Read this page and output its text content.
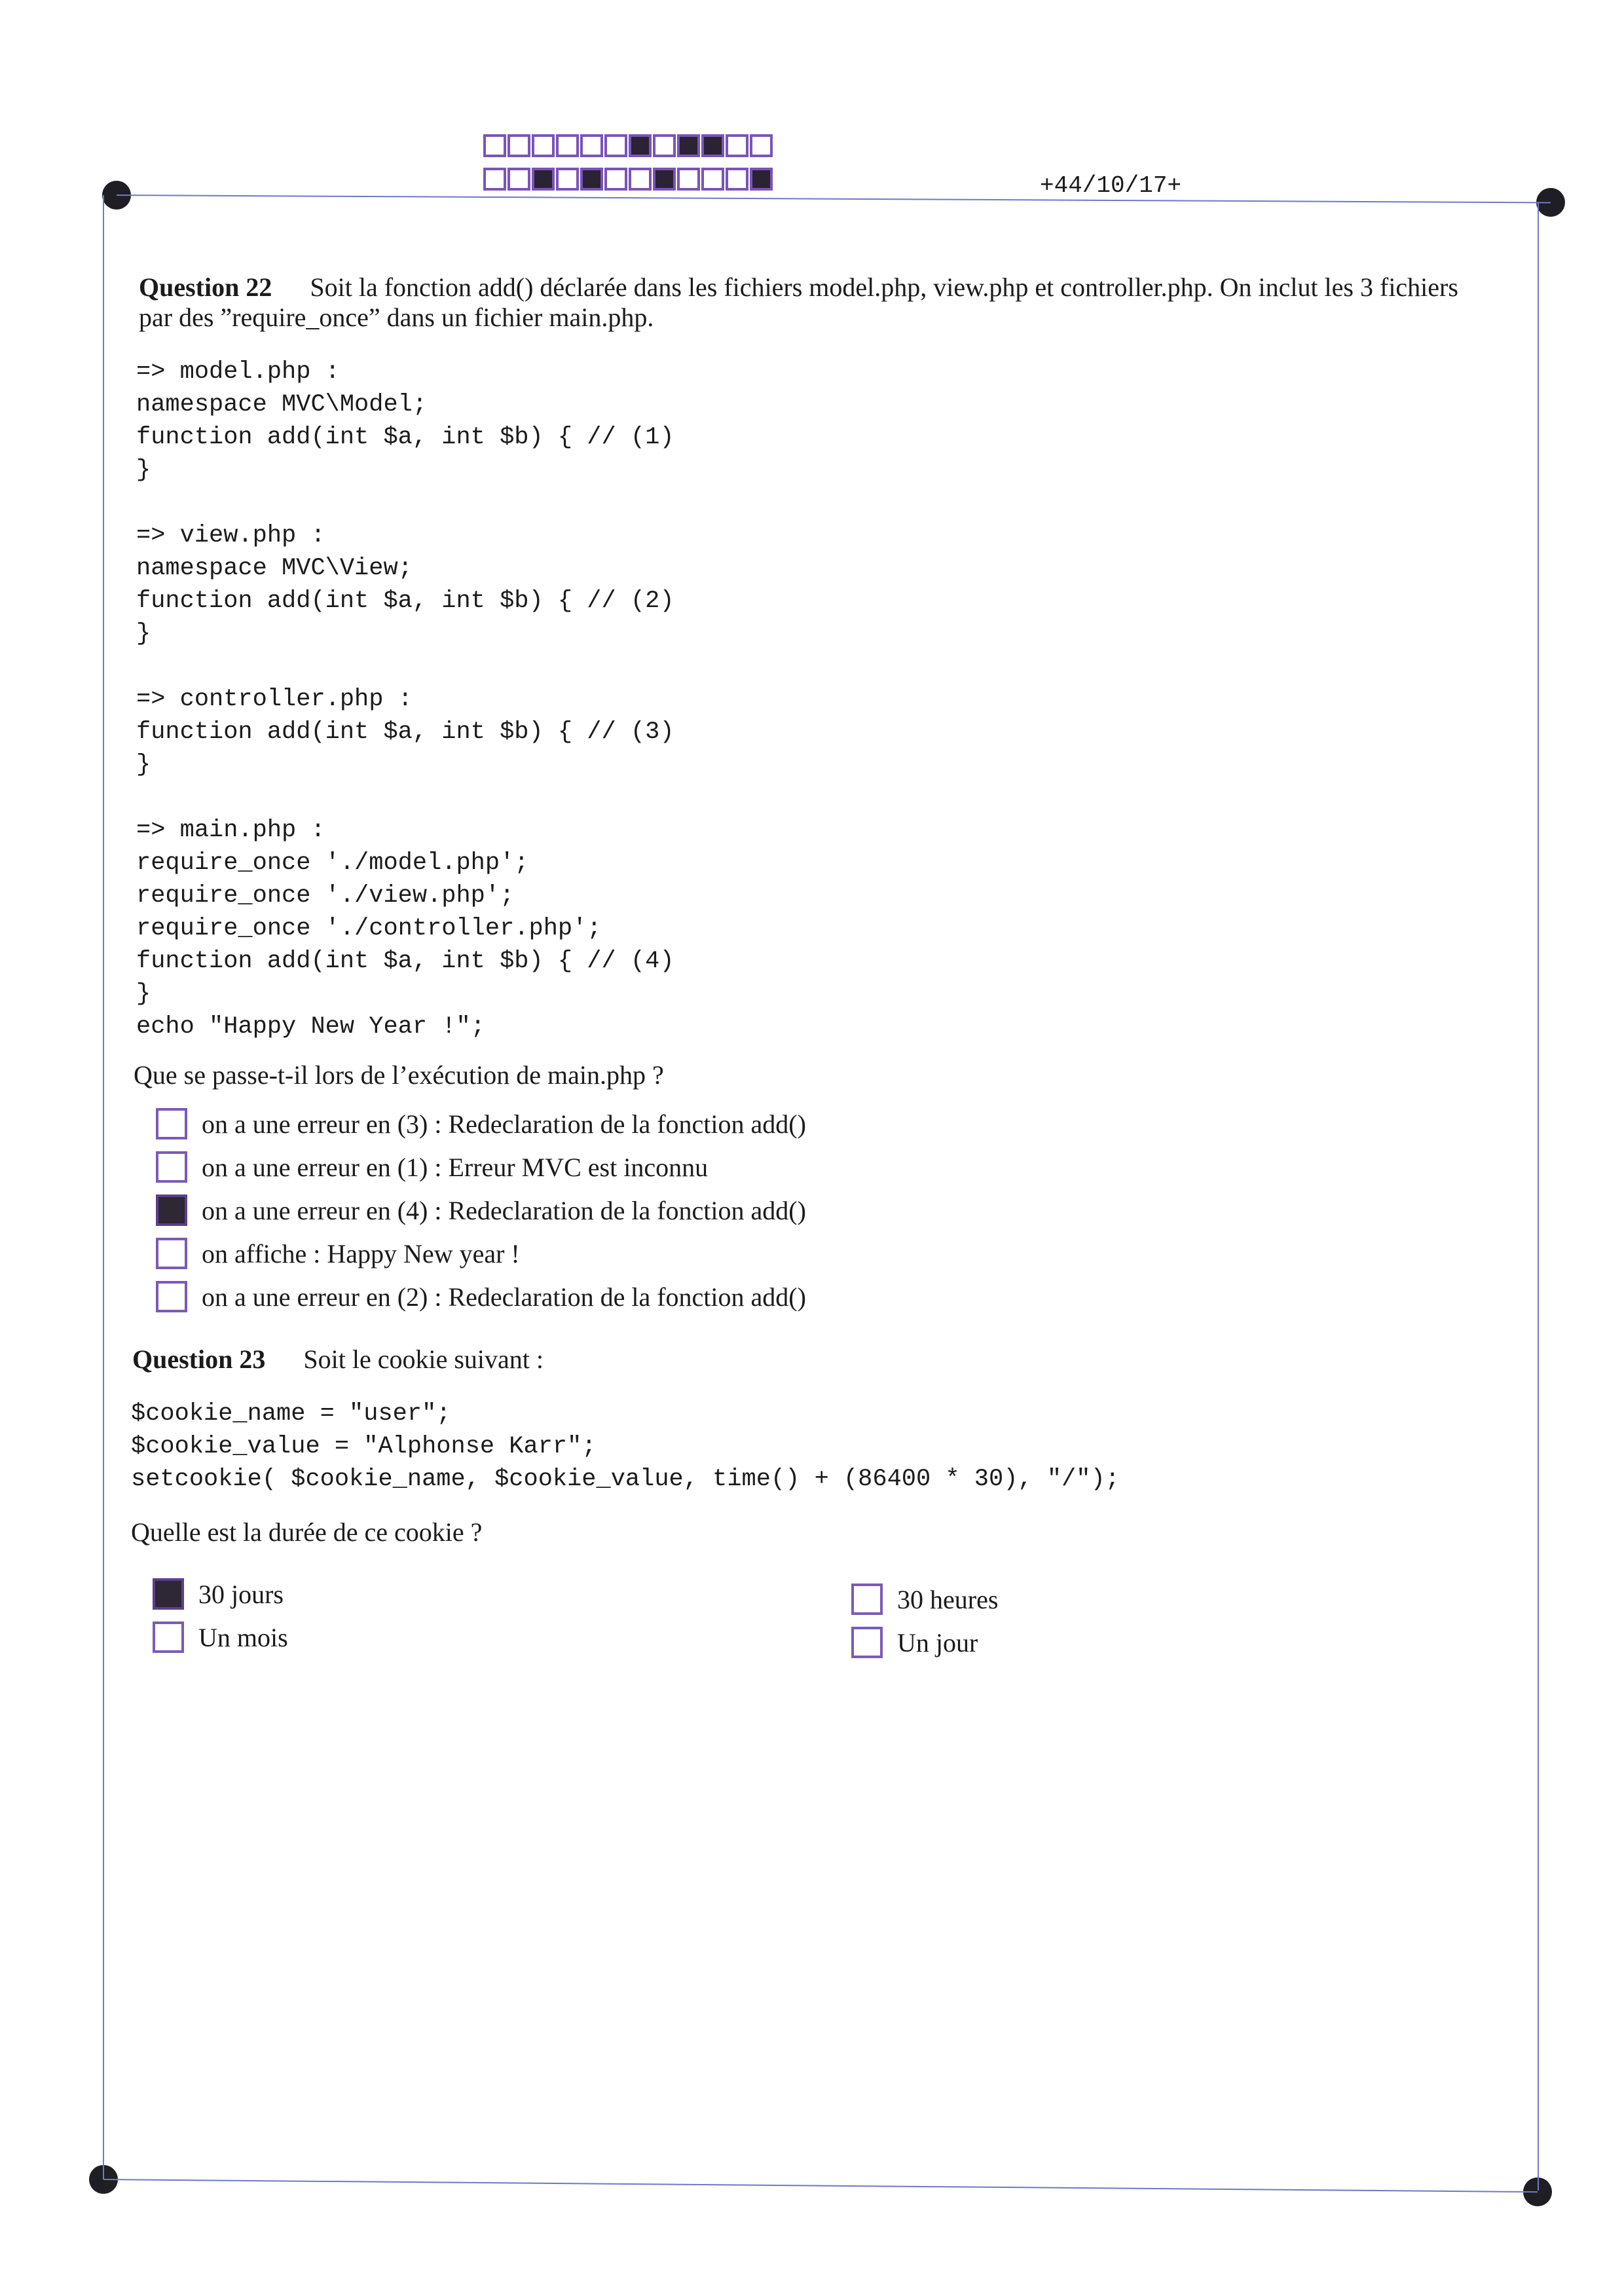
+44/10/17+
Question 22 Soit la fonction add() déclarée dans les fichiers model.php, view.php et controller.php. On inclut les 3 fichiers
par des ”require_once” dans un fichier main.php.
=> model.php :
namespace MVC\Model;
function add(int $a, int $b) { // (1)
}

=> view.php :
namespace MVC\View;
function add(int $a, int $b) { // (2)
}

=> controller.php :
function add(int $a, int $b) { // (3)
}

=> main.php :
require_once './model.php';
require_once './view.php';
require_once './controller.php';
function add(int $a, int $b) { // (4)
}
echo "Happy New Year !";
Que se passe-t-il lors de l’exécution de main.php ?
on a une erreur en (3) : Redeclaration de la fonction add()
on a une erreur en (1) : Erreur MVC est inconnu
on a une erreur en (4) : Redeclaration de la fonction add()
on affiche : Happy New year !
on a une erreur en (2) : Redeclaration de la fonction add()
Question 23 Soit le cookie suivant :
$cookie_name = "user";
$cookie_value = "Alphonse Karr";
setcookie( $cookie_name, $cookie_value, time() + (86400 * 30), "/");
Quelle est la durée de ce cookie ?
30 jours
Un mois
30 heures
Un jour
